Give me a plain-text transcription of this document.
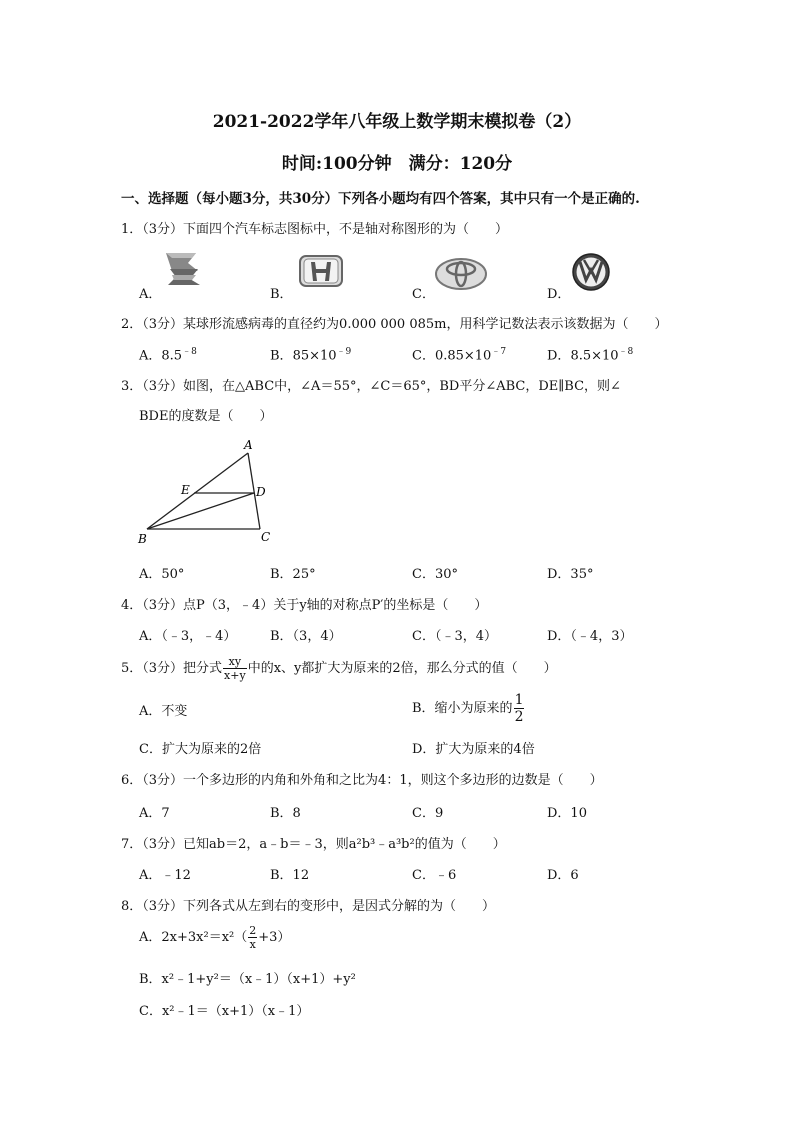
2021-2022学年八年级上数学期末模拟卷（2）
时间:100分钟　满分：120分
一、选择题（每小题3分，共30分）下列各小题均有四个答案，其中只有一个是正确的.
1．（3分）下面四个汽车标志图标中，不是轴对称图形的为（　　）
A．	B．	C．	D．
2．（3分）某球形流感病毒的直径约为0.000 000 085m，用科学记数法表示该数据为（　　）
A．$8.5^{﹣8}$	B．$85\times 10^{﹣9}$	C．$0.85\times 10^{﹣7}$	D．$8.5\times 10^{﹣8}$
3．（3分）如图，在△ABC中，∠A＝55°，∠C＝65°，BD平分∠ABC，DE∥BC，则∠
BDE的度数是（　　）
A
B	C
D
E
A．50°	B．25°	C．30°	D．35°
4．（3分）点P（3，﹣4）关于y轴的对称点P′的坐标是（　　）
A．（﹣3，﹣4）	B．（3，4）	C．（﹣3，4）	D．（﹣4，3）
5．（3分）把分式 $\frac{xy}{x+y}$ 中的x、y都扩大为原来的2倍，那么分式的值（　　）
A．不变	B．缩小为原来的 $\frac{1}{2}$
C．扩大为原来的2倍	D．扩大为原来的4倍
6．（3分）一个多边形的内角和外角和之比为4：1，则这个多边形的边数是（　　）
A．7	B．8	C．9	D．10
7．（3分）已知ab＝2，a﹣b＝﹣3，则a²b³﹣a³b²的值为（　　）
A．﹣12	B．12	C．﹣6	D．6
8．（3分）下列各式从左到右的变形中，是因式分解的为（　　）
A．$2x+3x^2=x^2( \frac{2}{x} +3)$
B．x²﹣1+y²＝（x﹣1）（x+1）+y²
C．x²﹣1＝（x+1）（x﹣1）
